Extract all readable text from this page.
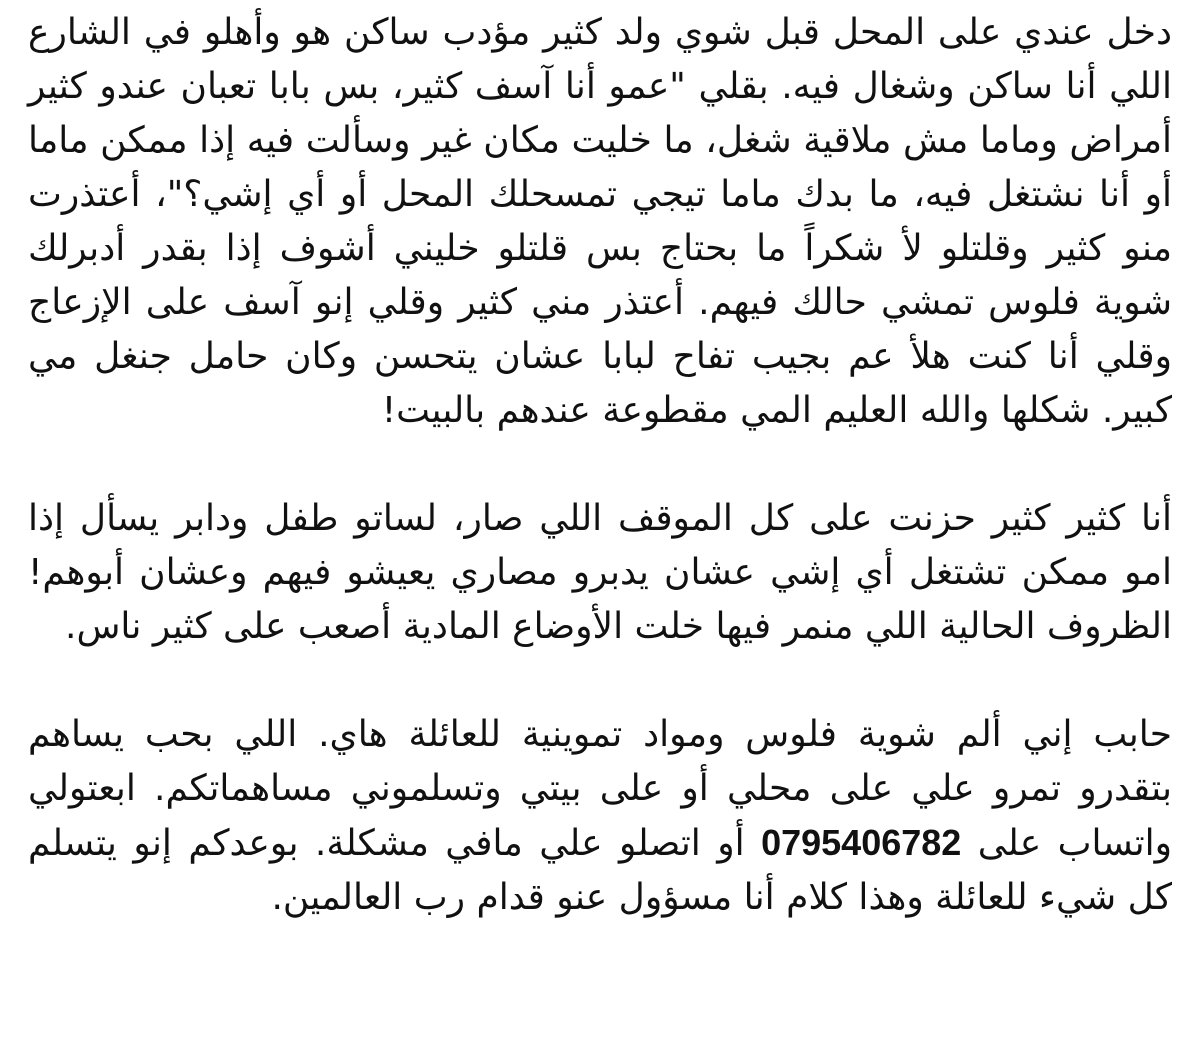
دخل عندي على المحل قبل شوي ولد كثير مؤدب ساكن هو وأهلو في الشارع اللي أنا ساكن وشغال فيه. بقلي "عمو أنا آسف كثير، بس بابا تعبان عندو كثير أمراض وماما مش ملاقية شغل، ما خليت مكان غير وسألت فيه إذا ممكن ماما أو أنا نشتغل فيه، ما بدك ماما تيجي تمسحلك المحل أو أي إشي؟"، أعتذرت منو كثير وقلتلو لأ شكراً ما بحتاج بس قلتلو خليني أشوف إذا بقدر أدبرلك شوية فلوس تمشي حالك فيهم. أعتذر مني كثير وقلي إنو آسف على الإزعاج وقلي أنا كنت هلأ عم بجيب تفاح لبابا عشان يتحسن وكان حامل جنغل مي كبير. شكلها والله العليم المي مقطوعة عندهم بالبيت!

أنا كثير كثير حزنت على كل الموقف اللي صار، لساتو طفل ودابر يسأل إذا امو ممكن تشتغل أي إشي عشان يدبرو مصاري يعيشو فيهم وعشان أبوهم! الظروف الحالية اللي منمر فيها خلت الأوضاع المادية أصعب على كثير ناس.

حابب إني ألم شوية فلوس ومواد تموينية للعائلة هاي. اللي بحب يساهم بتقدرو تمرو علي على محلي أو على بيتي وتسلموني مساهماتكم. ابعتولي واتساب على 0795406782 أو اتصلو علي مافي مشكلة. بوعدكم إنو يتسلم كل شيء للعائلة وهذا كلام أنا مسؤول عنو قدام رب العالمين.
